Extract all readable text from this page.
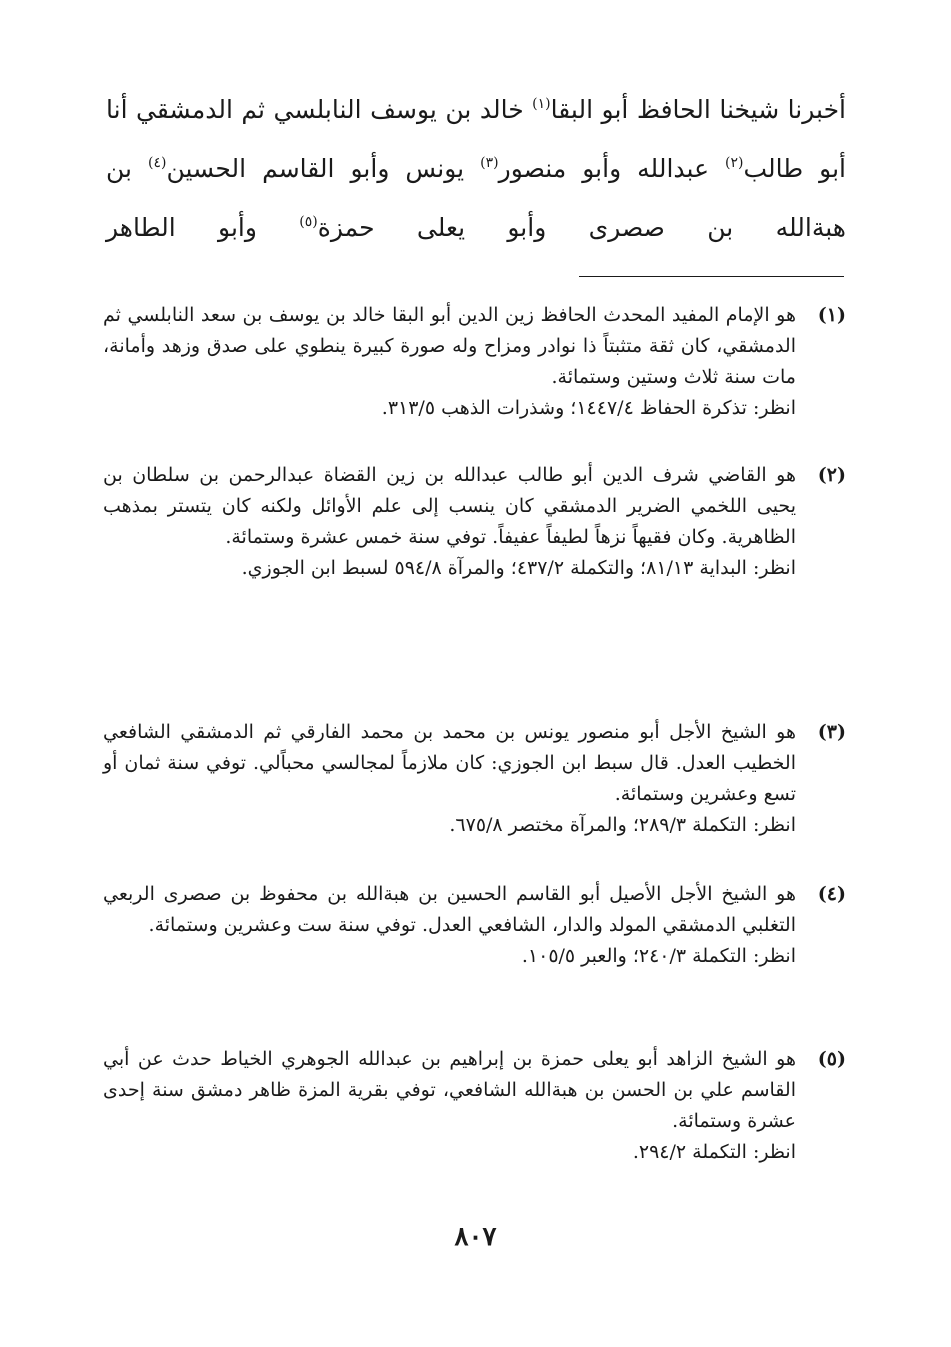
أخبرنا شيخنا الحافظ أبو البقا$^{(١)}$ خالد بن يوسف النابلسي ثم الدمشقي أنا أبو طالب$^{(٢)}$ عبدالله وأبو منصور$^{(٣)}$ يونس وأبو القاسم الحسين$^{(٤)}$ بن هبةالله بن صصرى وأبو يعلى حمزة$^{(٥)}$ وأبو الطاهر

(١)
هو الإمام المفيد المحدث الحافظ زين الدين أبو البقا خالد بن يوسف بن سعد النابلسي ثم الدمشقي، كان ثقة متثبتاً ذا نوادر ومزاح وله صورة كبيرة ينطوي على صدق وزهد وأمانة، مات سنة ثلاث وستين وستمائة.
انظر: تذكرة الحفاظ ١٤٤٧/٤؛ وشذرات الذهب ٣١٣/٥.
(٢)
هو القاضي شرف الدين أبو طالب عبدالله بن زين القضاة عبدالرحمن بن سلطان بن يحيى اللخمي الضرير الدمشقي كان ينسب إلى علم الأوائل ولكنه كان يتستر بمذهب الظاهرية. وكان فقيهاً نزهاً لطيفاً عفيفاً. توفي سنة خمس عشرة وستمائة.
انظر: البداية ٨١/١٣؛ والتكملة ٤٣٧/٢؛ والمرآة ٥٩٤/٨ لسبط ابن الجوزي.
(٣)
هو الشيخ الأجل أبو منصور يونس بن محمد بن محمد الفارقي ثم الدمشقي الشافعي الخطيب العدل. قال سبط ابن الجوزي: كان ملازماً لمجالسي محباًلي. توفي سنة ثمان أو تسع وعشرين وستمائة.
انظر: التكملة ٢٨٩/٣؛ والمرآة مختصر ٦٧٥/٨.
(٤)
هو الشيخ الأجل الأصيل أبو القاسم الحسين بن هبةالله بن محفوظ بن صصرى الربعي التغلبي الدمشقي المولد والدار، الشافعي العدل. توفي سنة ست وعشرين وستمائة.
انظر: التكملة ٢٤٠/٣؛ والعبر ١٠٥/٥.
(٥)
هو الشيخ الزاهد أبو يعلى حمزة بن إبراهيم بن عبدالله الجوهري الخياط حدث عن أبي القاسم علي بن الحسن بن هبةالله الشافعي، توفي بقرية المزة ظاهر دمشق سنة إحدى عشرة وستمائة.
انظر: التكملة ٢٩٤/٢.
٨٠٧
